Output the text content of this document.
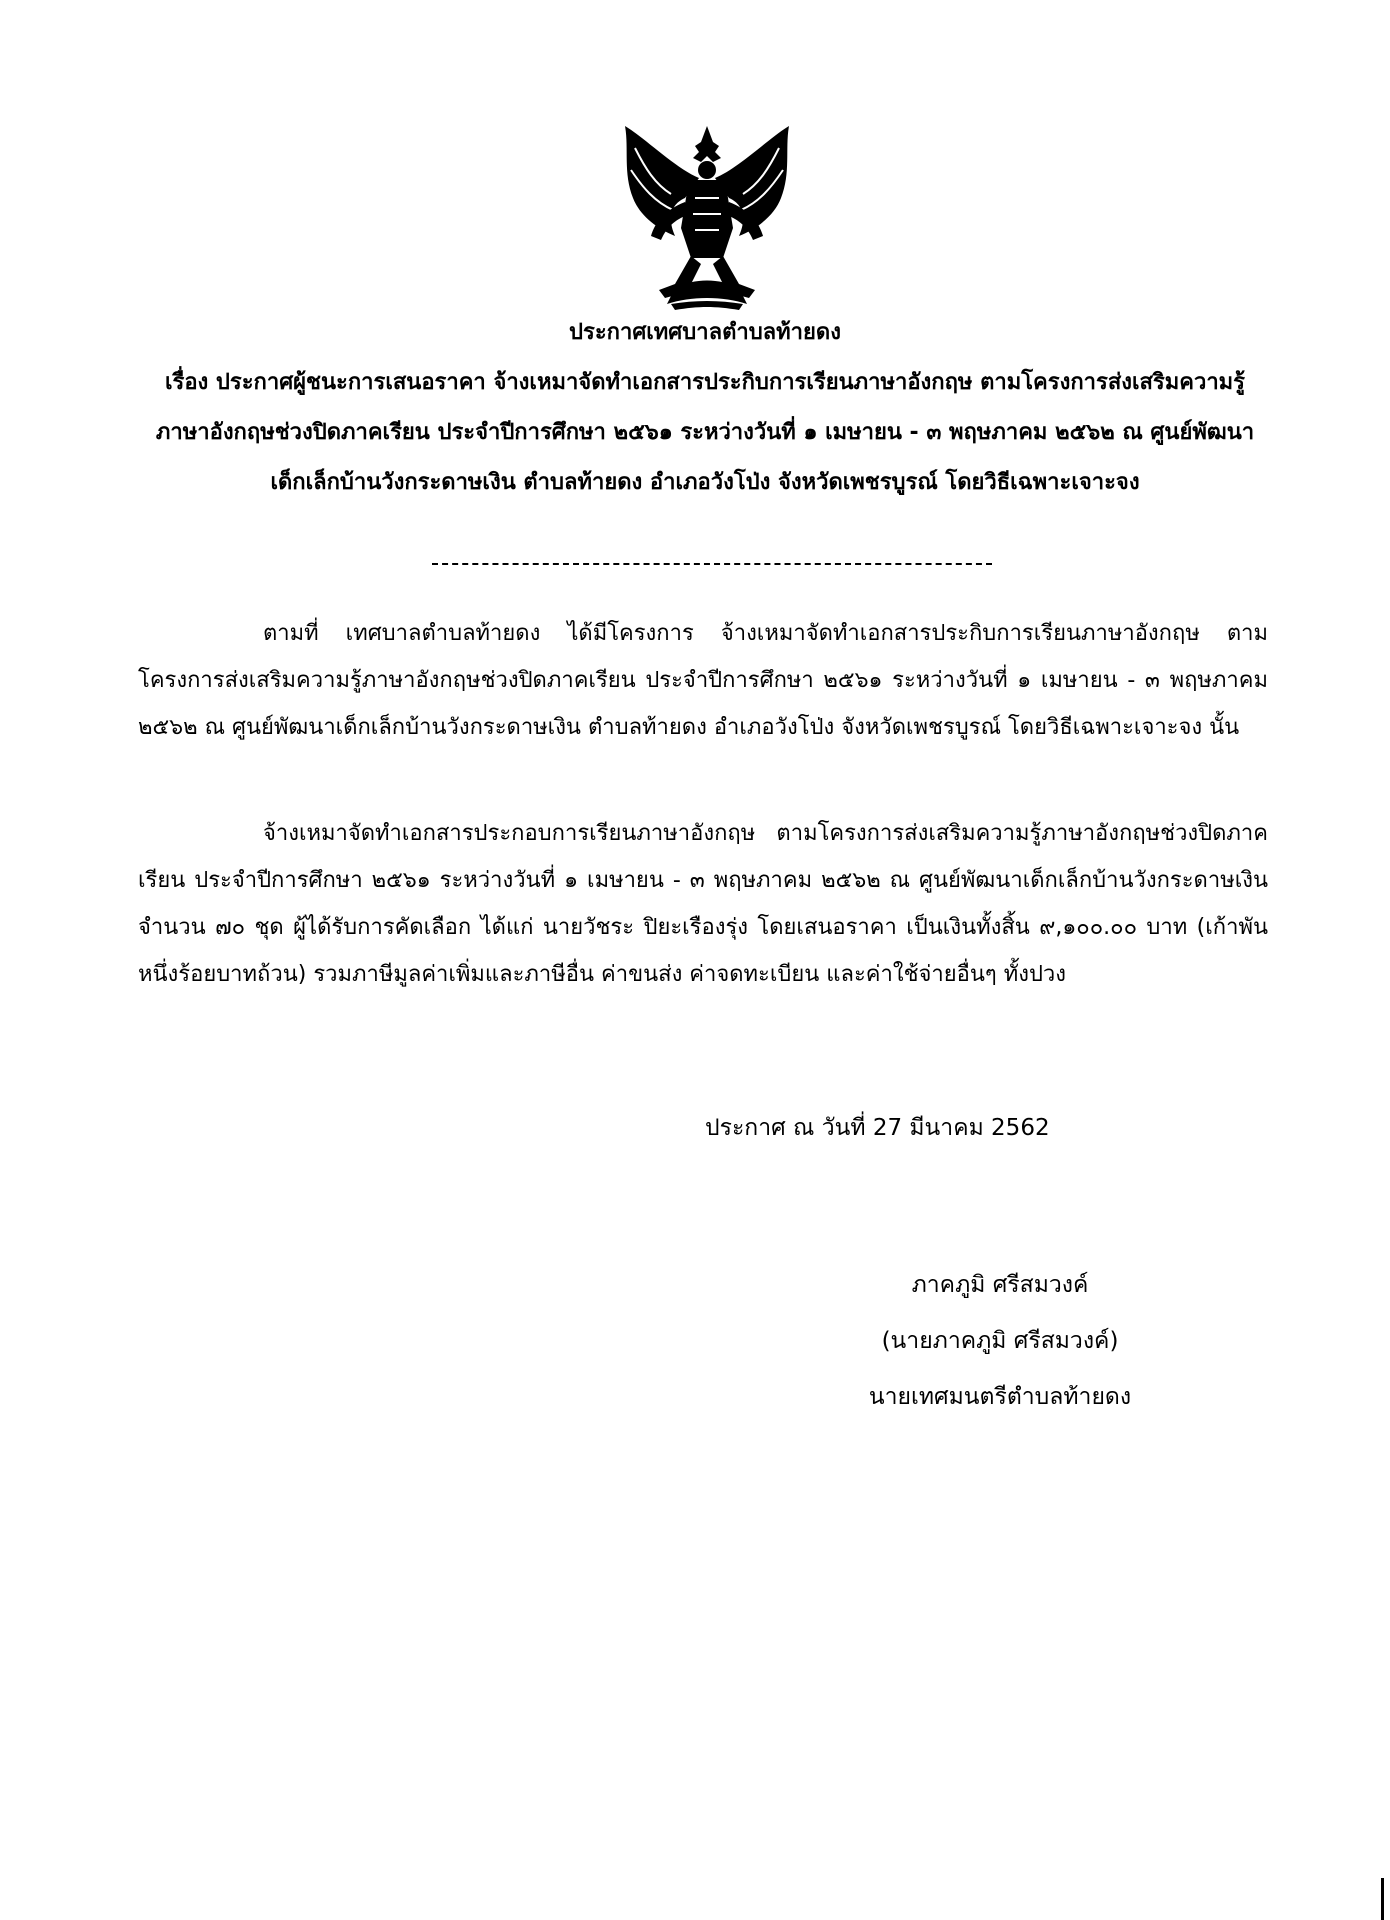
ประกาศเทศบาลตำบลท้ายดง
เรื่อง ประกาศผู้ชนะการเสนอราคา จ้างเหมาจัดทำเอกสารประกิบการเรียนภาษาอังกฤษ ตามโครงการส่งเสริมความรู้ภาษาอังกฤษช่วงปิดภาคเรียน ประจำปีการศึกษา ๒๕๖๑ ระหว่างวันที่ ๑ เมษายน - ๓ พฤษภาคม ๒๕๖๒ ณ ศูนย์พัฒนาเด็กเล็กบ้านวังกระดาษเงิน ตำบลท้ายดง อำเภอวังโป่ง จังหวัดเพชรบูรณ์ โดยวิธีเฉพาะเจาะจง
ตามที่ เทศบาลตำบลท้ายดง ได้มีโครงการ จ้างเหมาจัดทำเอกสารประกิบการเรียนภาษาอังกฤษ ตามโครงการส่งเสริมความรู้ภาษาอังกฤษช่วงปิดภาคเรียน ประจำปีการศึกษา ๒๕๖๑ ระหว่างวันที่ ๑ เมษายน - ๓ พฤษภาคม ๒๕๖๒ ณ ศูนย์พัฒนาเด็กเล็กบ้านวังกระดาษเงิน ตำบลท้ายดง อำเภอวังโป่ง จังหวัดเพชรบูรณ์ โดยวิธีเฉพาะเจาะจง นั้น
จ้างเหมาจัดทำเอกสารประกอบการเรียนภาษาอังกฤษ ตามโครงการส่งเสริมความรู้ภาษาอังกฤษช่วงปิดภาคเรียน ประจำปีการศึกษา ๒๕๖๑ ระหว่างวันที่ ๑ เมษายน - ๓ พฤษภาคม ๒๕๖๒ ณ ศูนย์พัฒนาเด็กเล็กบ้านวังกระดาษเงิน จำนวน ๗๐ ชุด ผู้ได้รับการคัดเลือก ได้แก่ นายวัชระ ปิยะเรืองรุ่ง โดยเสนอราคา เป็นเงินทั้งสิ้น ๙,๑๐๐.๐๐ บาท (เก้าพันหนึ่งร้อยบาทถ้วน) รวมภาษีมูลค่าเพิ่มและภาษีอื่น ค่าขนส่ง ค่าจดทะเบียน และค่าใช้จ่ายอื่นๆ ทั้งปวง
ประกาศ ณ วันที่ 27 มีนาคม 2562
ภาคภูมิ ศรีสมวงค์
(นายภาคภูมิ ศรีสมวงค์)
นายเทศมนตรีตำบลท้ายดง
